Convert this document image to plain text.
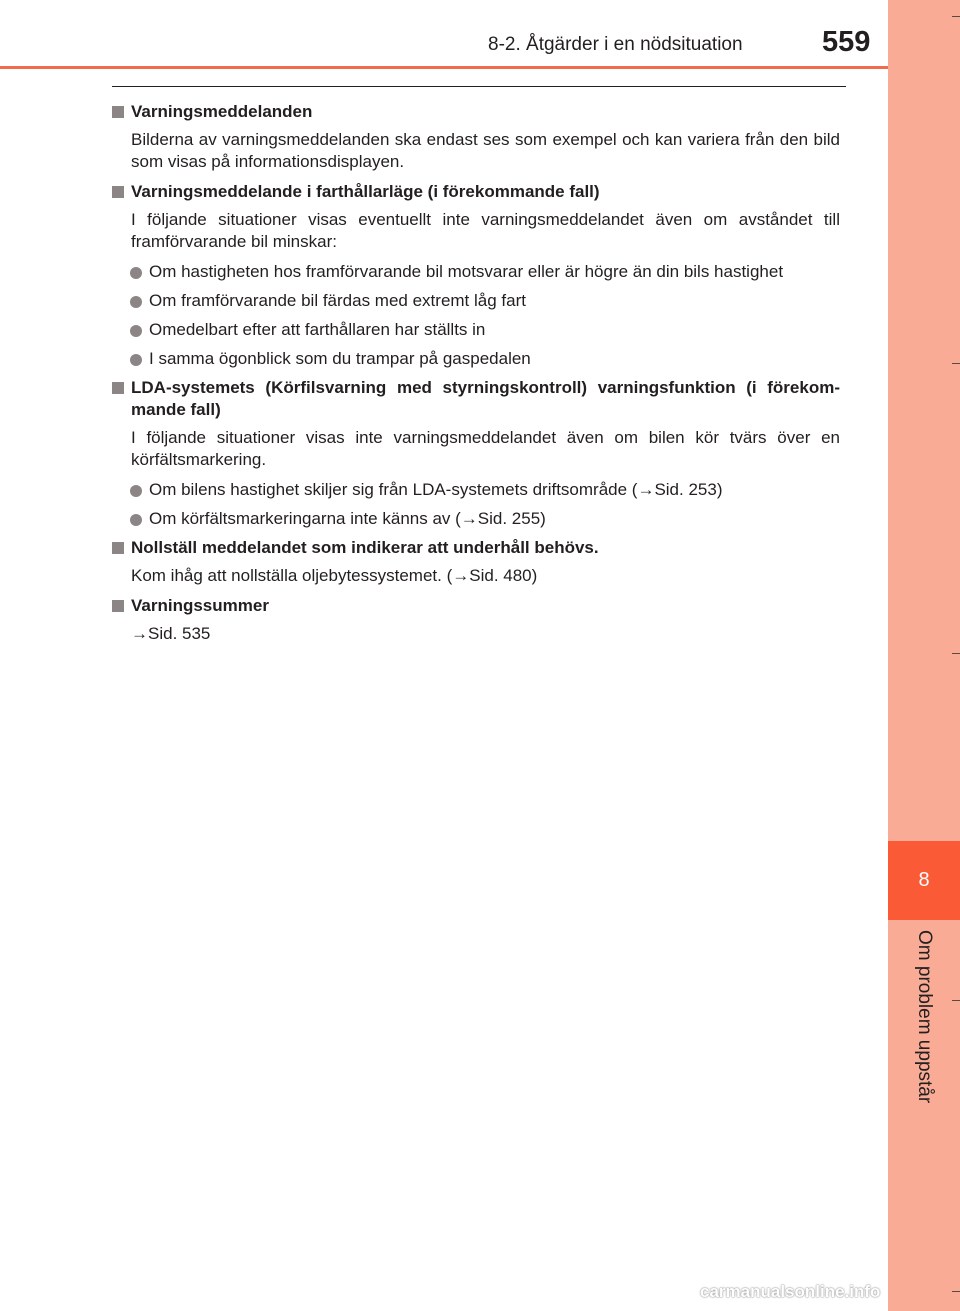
8-2. Åtgärder i en nödsituation	559
8
Om problem uppstår
Varningsmeddelanden

Bilderna av varningsmeddelanden ska endast ses som exempel och kan variera från den bild som visas på informationsdisplayen.

Varningsmeddelande i farthållarläge (i förekommande fall)

I följande situationer visas eventuellt inte varningsmeddelandet även om avståndet till framförvarande bil minskar:

Om hastigheten hos framförvarande bil motsvarar eller är högre än din bils hastighet
Om framförvarande bil färdas med extremt låg fart
Omedelbart efter att farthållaren har ställts in
I samma ögonblick som du trampar på gaspedalen
LDA-systemets (Körfilsvarning med styrningskontroll) varningsfunktion (i förekom-mande fall)

I följande situationer visas inte varningsmeddelandet även om bilen kör tvärs över en körfältsmarkering.

Om bilens hastighet skiljer sig från LDA-systemets driftsområde (→Sid. 253)
Om körfältsmarkeringarna inte känns av (→Sid. 255)
Nollställ meddelandet som indikerar att underhåll behövs.

Kom ihåg att nollställa oljebytessystemet. (→Sid. 480)

Varningssummer

→Sid. 535

carmanualsonline.info
